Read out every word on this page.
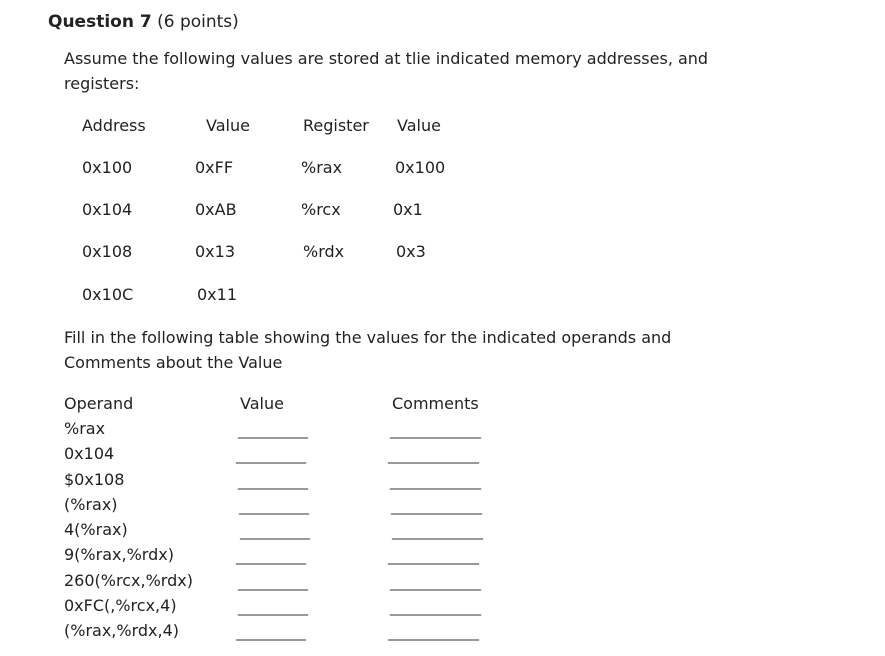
Question 7 (6 points)
Assume the following values are stored at tlie indicated memory addresses, and
registers:
Address	Value	Register Value
0x100	0xFF	%rax	0x100
0x104	0xAB	%rcx	0x1
0x108	0x13	%rdx	0x3
0x10C	0x11
Fill in the following table showing the values for the indicated operands and
Comments about the Value
Operand	Value	Comments
%rax	__________	_____________
0x104	__________	_____________
$0x108	__________	_____________
(%rax)	__________	_____________
4(%rax)	__________	_____________
9(%rax,%rdx)	__________	_____________
260(%rcx,%rdx)	__________	_____________
0xFC(,%rcx,4)	__________	_____________
(%rax,%rdx,4)	__________	_____________
